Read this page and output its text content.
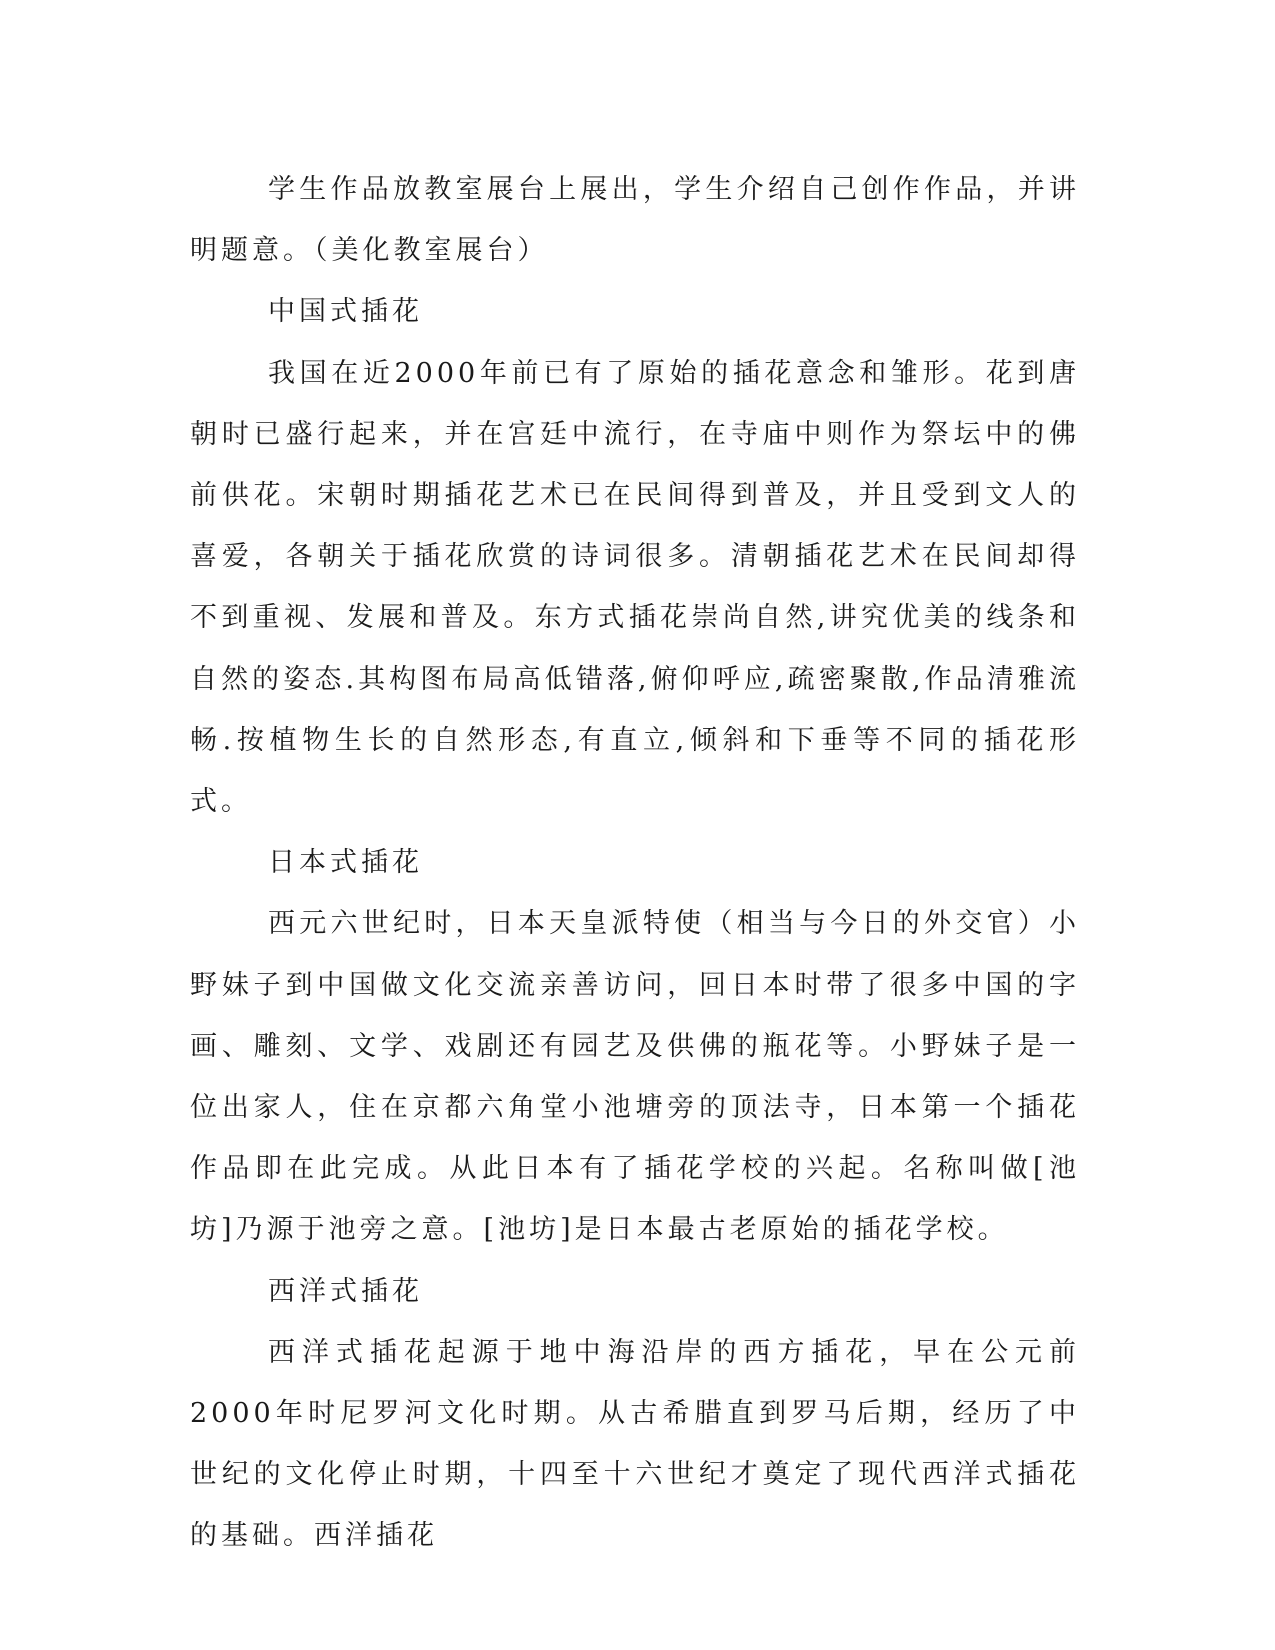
学生作品放教室展台上展出，学生介绍自己创作作品，并讲明题意。（美化教室展台）

中国式插花

我国在近2000年前已有了原始的插花意念和雏形。花到唐朝时已盛行起来，并在宫廷中流行，在寺庙中则作为祭坛中的佛前供花。宋朝时期插花艺术已在民间得到普及，并且受到文人的喜爱，各朝关于插花欣赏的诗词很多。清朝插花艺术在民间却得不到重视、发展和普及。东方式插花崇尚自然,讲究优美的线条和自然的姿态.其构图布局高低错落,俯仰呼应,疏密聚散,作品清雅流畅.按植物生长的自然形态,有直立,倾斜和下垂等不同的插花形式。

日本式插花

西元六世纪时，日本天皇派特使（相当与今日的外交官）小野妹子到中国做文化交流亲善访问，回日本时带了很多中国的字画、雕刻、文学、戏剧还有园艺及供佛的瓶花等。小野妹子是一位出家人，住在京都六角堂小池塘旁的顶法寺，日本第一个插花作品即在此完成。从此日本有了插花学校的兴起。名称叫做[池坊]乃源于池旁之意。[池坊]是日本最古老原始的插花学校。

西洋式插花

西洋式插花起源于地中海沿岸的西方插花，早在公元前2000年时尼罗河文化时期。从古希腊直到罗马后期，经历了中世纪的文化停止时期，十四至十六世纪才奠定了现代西洋式插花的基础。西洋插花
